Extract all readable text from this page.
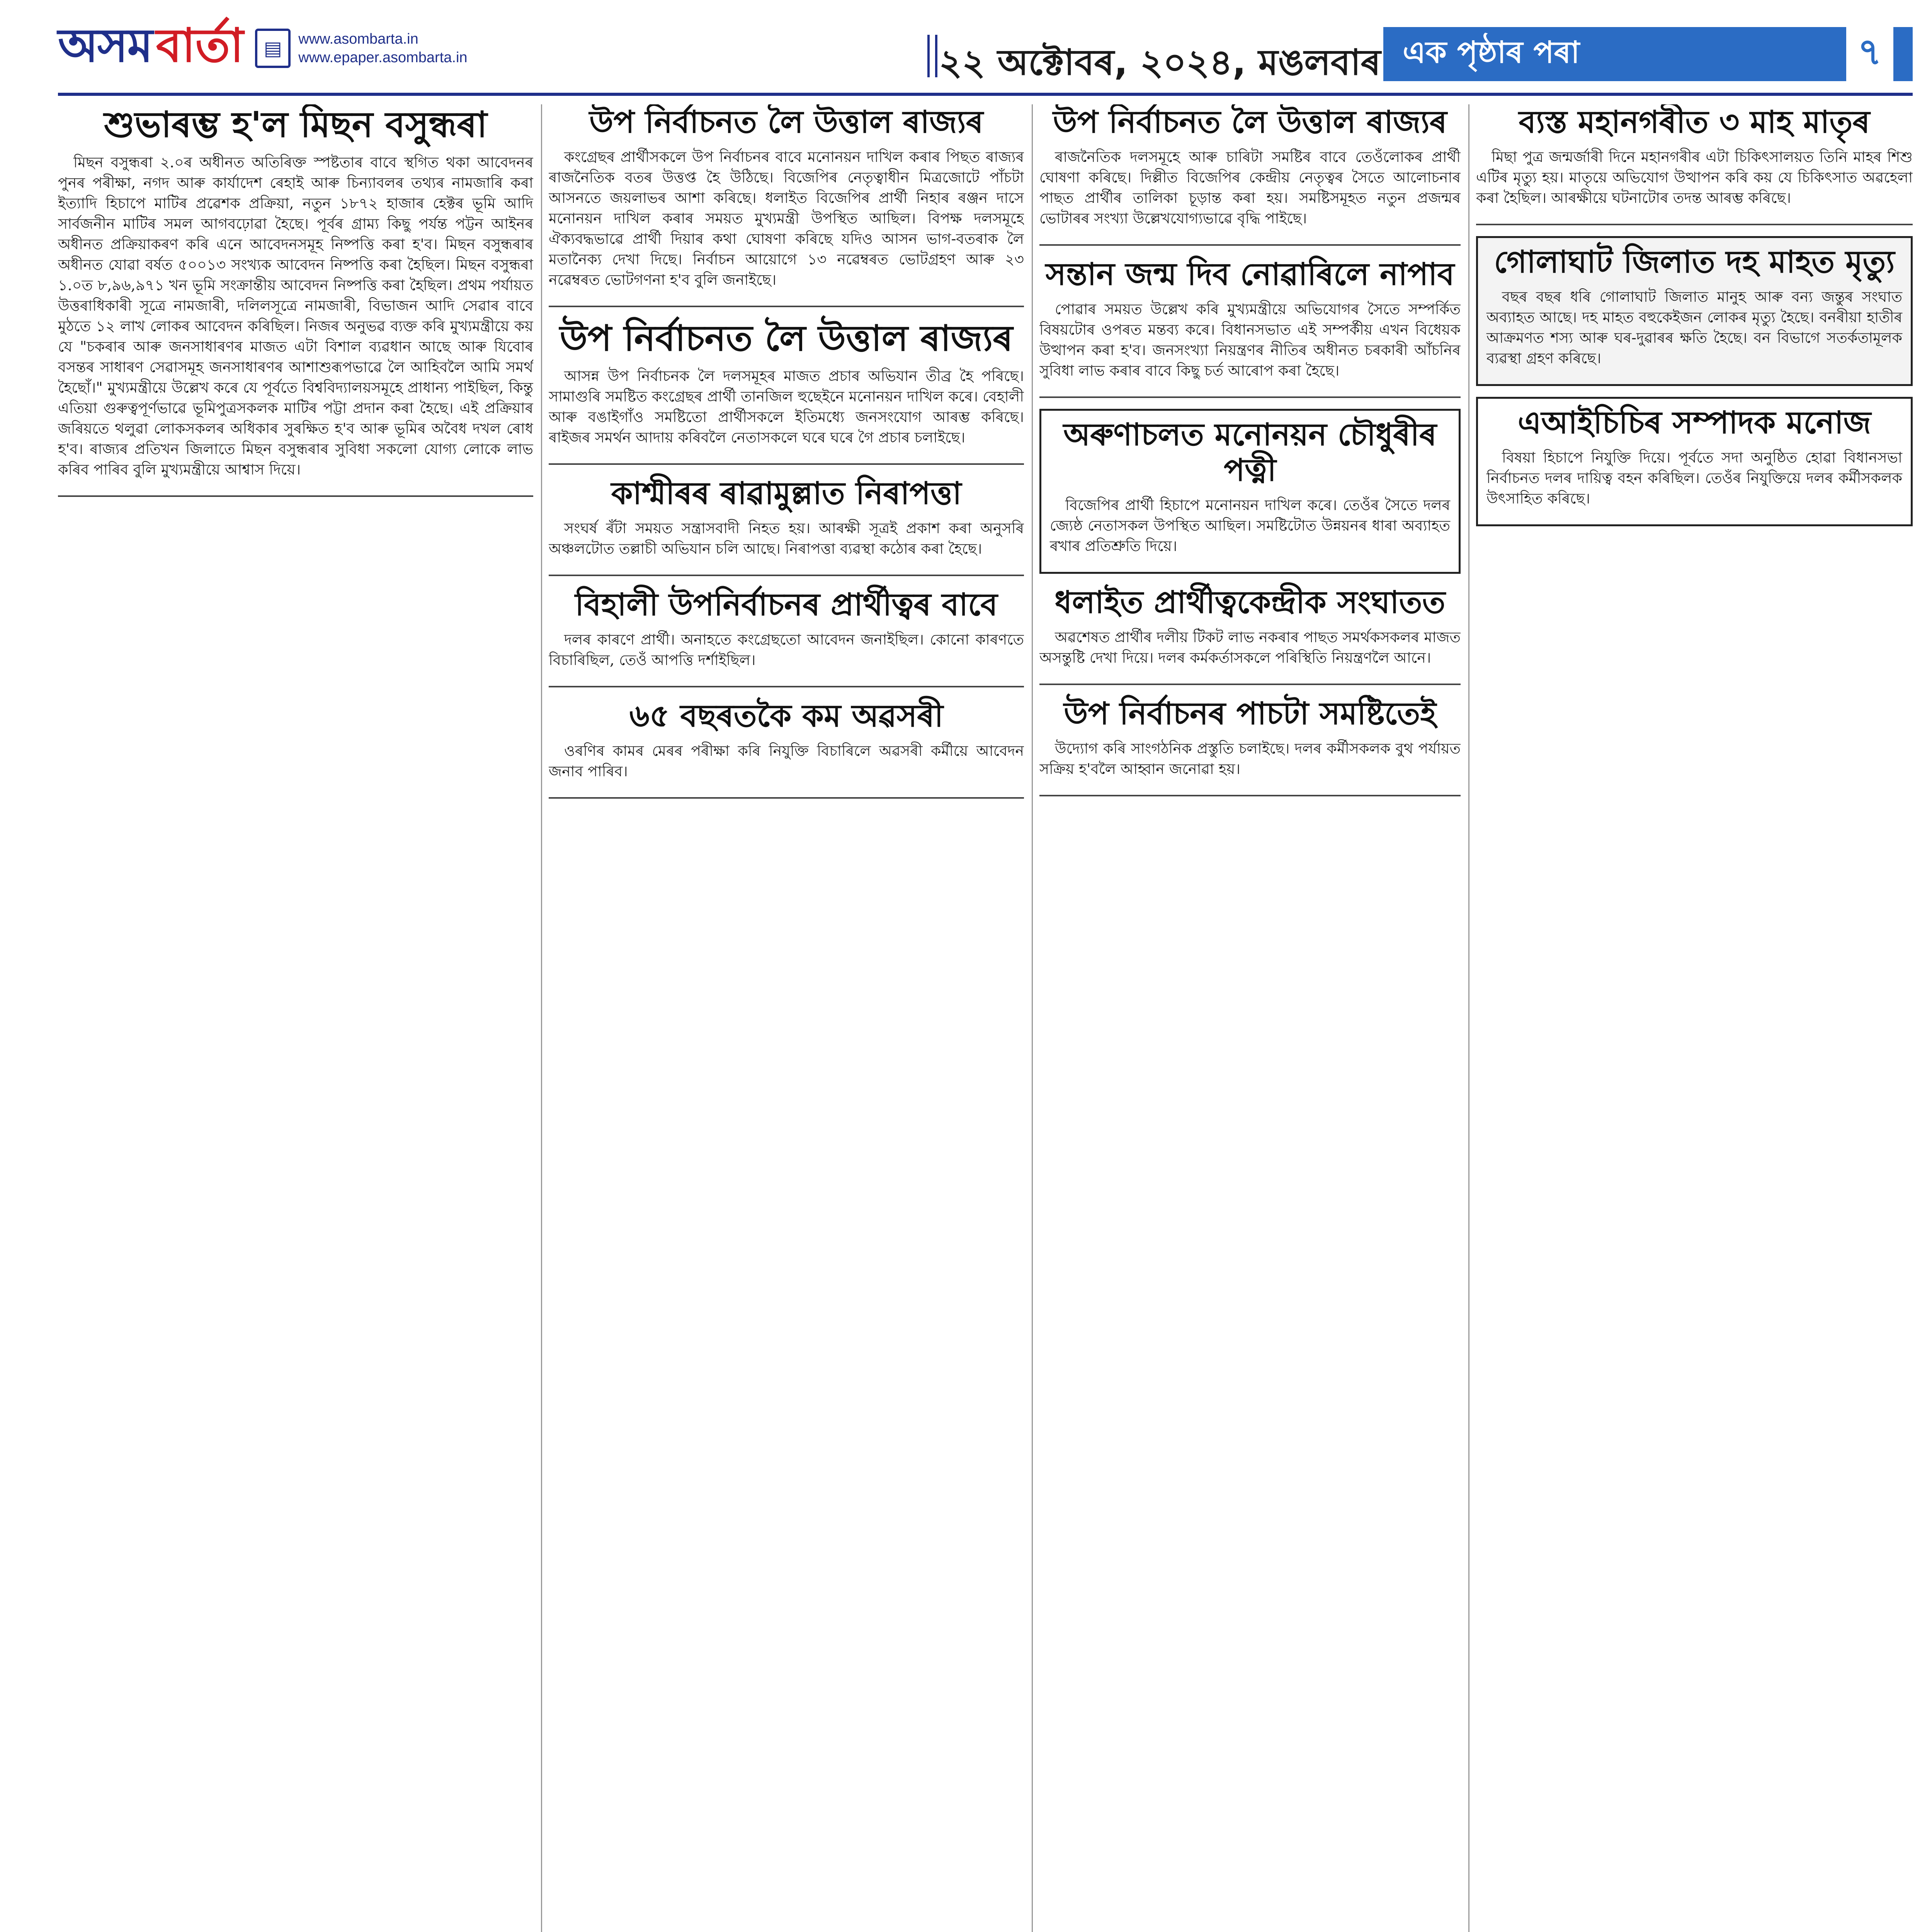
অসম বাৰ্তা	▤	www.asombarta.in
www.epaper.asombarta.in	২২ অক্টোবৰ, ২০২৪, মঙলবাৰ এক পৃষ্ঠাৰ পৰা	৭
শুভাৰম্ভ হ'ল মিছন বসুন্ধৰা

মিছন বসুন্ধৰা ২.০ৰ অধীনত অতিৰিক্ত স্পষ্টতাৰ বাবে স্থগিত থকা আবেদনৰ পুনৰ পৰীক্ষা, নগদ আৰু কাৰ্যাদেশ ৰেহাই আৰু চিন্যাবলৰ তথ্যৰ নামজাৰি কৰা ইত্যাদি হিচাপে মাটিৰ প্ৰৱেশক প্ৰক্ৰিয়া, নতুন ১৮৭২ হাজাৰ হেক্টৰ ভূমি আদি সাৰ্বজনীন মাটিৰ সমল আগবঢ়োৱা হৈছে। পূৰ্বৰ গ্ৰাম্য কিছু পৰ্যন্ত পট্টন আইনৰ অধীনত প্ৰক্ৰিয়াকৰণ কৰি এনে আবেদনসমূহ নিষ্পত্তি কৰা হ'ব। মিছন বসুন্ধৰাৰ অধীনত যোৱা বৰ্ষত ৫০০১৩ সংখ্যক আবেদন নিষ্পত্তি কৰা হৈছিল। মিছন বসুন্ধৰা ১.০ত ৮,৯৬,৯৭১ খন ভূমি সংক্ৰান্তীয় আবেদন নিষ্পত্তি কৰা হৈছিল। প্ৰথম পৰ্যায়ত উত্তৰাধিকাৰী সূত্ৰে নামজাৰী, দলিলসূত্ৰে নামজাৰী, বিভাজন আদি সেৱাৰ বাবে মুঠতে ১২ লাখ লোকৰ আবেদন কৰিছিল। নিজৰ অনুভৱ ব্যক্ত কৰি মুখ্যমন্ত্ৰীয়ে কয় যে "চকৰাৰ আৰু জনসাধাৰণৰ মাজত এটা বিশাল ব্যৱধান আছে আৰু যিবোৰ বসন্তৰ সাধাৰণ সেৱাসমূহ জনসাধাৰণৰ আশাশুৰূপভাৱে লৈ আহিবলৈ আমি সমৰ্থ হৈছোঁ।" মুখ্যমন্ত্ৰীয়ে উল্লেখ কৰে যে পূৰ্বতে বিশ্ববিদ্যালয়সমূহে প্ৰাধান্য পাইছিল, কিন্তু এতিয়া গুৰুত্বপূৰ্ণভাৱে ভূমিপুত্ৰসকলক মাটিৰ পট্টা প্ৰদান কৰা হৈছে। এই প্ৰক্ৰিয়াৰ জৰিয়তে থলুৱা লোকসকলৰ অধিকাৰ সুৰক্ষিত হ'ব আৰু ভূমিৰ অবৈধ দখল ৰোধ হ'ব। ৰাজ্যৰ প্ৰতিখন জিলাতে মিছন বসুন্ধৰাৰ সুবিধা সকলো যোগ্য লোকে লাভ কৰিব পাৰিব বুলি মুখ্যমন্ত্ৰীয়ে আশ্বাস দিয়ে।

উপ নিৰ্বাচনত লৈ উত্তাল ৰাজ্যৰ

কংগ্ৰেছৰ প্ৰাৰ্থীসকলে উপ নিৰ্বাচনৰ বাবে মনোনয়ন দাখিল কৰাৰ পিছত ৰাজ্যৰ ৰাজনৈতিক বতৰ উত্তপ্ত হৈ উঠিছে। বিজেপিৰ নেতৃত্বাধীন মিত্ৰজোটে পাঁচটা আসনতে জয়লাভৰ আশা কৰিছে। ধলাইত বিজেপিৰ প্ৰাৰ্থী নিহাৰ ৰঞ্জন দাসে মনোনয়ন দাখিল কৰাৰ সময়ত মুখ্যমন্ত্ৰী উপস্থিত আছিল। বিপক্ষ দলসমূহে ঐক্যবদ্ধভাৱে প্ৰাৰ্থী দিয়াৰ কথা ঘোষণা কৰিছে যদিও আসন ভাগ-বতৰাক লৈ মতানৈক্য দেখা দিছে। নিৰ্বাচন আয়োগে ১৩ নৱেম্বৰত ভোটগ্ৰহণ আৰু ২৩ নৱেম্বৰত ভোটগণনা হ'ব বুলি জনাইছে।

উপ নিৰ্বাচনত লৈ উত্তাল ৰাজ্যৰ

আসন্ন উপ নিৰ্বাচনক লৈ দলসমূহৰ মাজত প্ৰচাৰ অভিযান তীব্ৰ হৈ পৰিছে। সামাগুৰি সমষ্টিত কংগ্ৰেছৰ প্ৰাৰ্থী তানজিল হুছেইনে মনোনয়ন দাখিল কৰে। বেহালী আৰু বঙাইগাঁও সমষ্টিতো প্ৰাৰ্থীসকলে ইতিমধ্যে জনসংযোগ আৰম্ভ কৰিছে। ৰাইজৰ সমৰ্থন আদায় কৰিবলৈ নেতাসকলে ঘৰে ঘৰে গৈ প্ৰচাৰ চলাইছে।

কাশ্মীৰৰ ৰাৱামুল্লাত নিৰাপত্তা

সংঘৰ্ষ ৰঁটা সময়ত সন্ত্ৰাসবাদী নিহত হয়। আৰক্ষী সূত্ৰই প্ৰকাশ কৰা অনুসৰি অঞ্চলটোত তল্লাচী অভিযান চলি আছে। নিৰাপত্তা ব্যৱস্থা কঠোৰ কৰা হৈছে।

বিহালী উপনিৰ্বাচনৰ প্ৰাৰ্থীত্বৰ বাবে

দলৰ কাৰণে প্ৰাৰ্থী। অনাহতে কংগ্ৰেছতো আবেদন জনাইছিল। কোনো কাৰণতে বিচাৰিছিল, তেওঁ আপত্তি দৰ্শাইছিল।

৬৫ বছৰতকৈ কম অৱসৰী

ওৰণিৰ কামৰ মেৰৰ পৰীক্ষা কৰি নিযুক্তি বিচাৰিলে অৱসৰী কৰ্মীয়ে আবেদন জনাব পাৰিব।

উপ নিৰ্বাচনত লৈ উত্তাল ৰাজ্যৰ

ৰাজনৈতিক দলসমূহে আৰু চাৰিটা সমষ্টিৰ বাবে তেওঁলোকৰ প্ৰাৰ্থী ঘোষণা কৰিছে। দিল্লীত বিজেপিৰ কেন্দ্ৰীয় নেতৃত্বৰ সৈতে আলোচনাৰ পাছত প্ৰাৰ্থীৰ তালিকা চূড়ান্ত কৰা হয়। সমষ্টিসমূহত নতুন প্ৰজন্মৰ ভোটাৰৰ সংখ্যা উল্লেখযোগ্যভাৱে বৃদ্ধি পাইছে।

সন্তান জন্ম দিব নোৱাৰিলে নাপাব

পোৱাৰ সময়ত উল্লেখ কৰি মুখ্যমন্ত্ৰীয়ে অভিযোগৰ সৈতে সম্পৰ্কিত বিষয়টোৰ ওপৰত মন্তব্য কৰে। বিধানসভাত এই সম্পৰ্কীয় এখন বিধেয়ক উত্থাপন কৰা হ'ব। জনসংখ্যা নিয়ন্ত্ৰণৰ নীতিৰ অধীনত চৰকাৰী আঁচনিৰ সুবিধা লাভ কৰাৰ বাবে কিছু চৰ্ত আৰোপ কৰা হৈছে।

অৰুণাচলত মনোনয়ন চৌধুৰীৰ পত্নী

বিজেপিৰ প্ৰাৰ্থী হিচাপে মনোনয়ন দাখিল কৰে। তেওঁৰ সৈতে দলৰ জ্যেষ্ঠ নেতাসকল উপস্থিত আছিল। সমষ্টিটোত উন্নয়নৰ ধাৰা অব্যাহত ৰখাৰ প্ৰতিশ্ৰুতি দিয়ে।

ধলাইত প্ৰাৰ্থীত্বকেন্দ্ৰীক সংঘাতত

অৱশেষত প্ৰাৰ্থীৰ দলীয় টিকট লাভ নকৰাৰ পাছত সমৰ্থকসকলৰ মাজত অসন্তুষ্টি দেখা দিয়ে। দলৰ কৰ্মকৰ্তাসকলে পৰিস্থিতি নিয়ন্ত্ৰণলৈ আনে।

উপ নিৰ্বাচনৰ পাচটা সমষ্টিতেই

উদ্যোগ কৰি সাংগঠনিক প্ৰস্তুতি চলাইছে। দলৰ কৰ্মীসকলক বুথ পৰ্যায়ত সক্ৰিয় হ'বলৈ আহ্বান জনোৱা হয়।

ব্যস্ত মহানগৰীত ৩ মাহ মাতৃৰ

মিছা পুত্ৰ জন্মৰ্জাৰী দিনে মহানগৰীৰ এটা চিকিৎসালয়ত তিনি মাহৰ শিশু এটিৰ মৃত্যু হয়। মাতৃয়ে অভিযোগ উত্থাপন কৰি কয় যে চিকিৎসাত অৱহেলা কৰা হৈছিল। আৰক্ষীয়ে ঘটনাটোৰ তদন্ত আৰম্ভ কৰিছে।

গোলাঘাট জিলাত দহ মাহত মৃত্যু

বছৰ বছৰ ধৰি গোলাঘাট জিলাত মানুহ আৰু বন্য জন্তুৰ সংঘাত অব্যাহত আছে। দহ মাহত বহুকেইজন লোকৰ মৃত্যু হৈছে। বনৰীয়া হাতীৰ আক্ৰমণত শস্য আৰু ঘৰ-দুৱাৰৰ ক্ষতি হৈছে। বন বিভাগে সতৰ্কতামূলক ব্যৱস্থা গ্ৰহণ কৰিছে।

এআইচিচিৰ সম্পাদক মনোজ

বিষয়া হিচাপে নিযুক্তি দিয়ে। পূৰ্বতে সদা অনুষ্ঠিত হোৱা বিধানসভা নিৰ্বাচনত দলৰ দায়িত্ব বহন কৰিছিল। তেওঁৰ নিযুক্তিয়ে দলৰ কৰ্মীসকলক উৎসাহিত কৰিছে।
